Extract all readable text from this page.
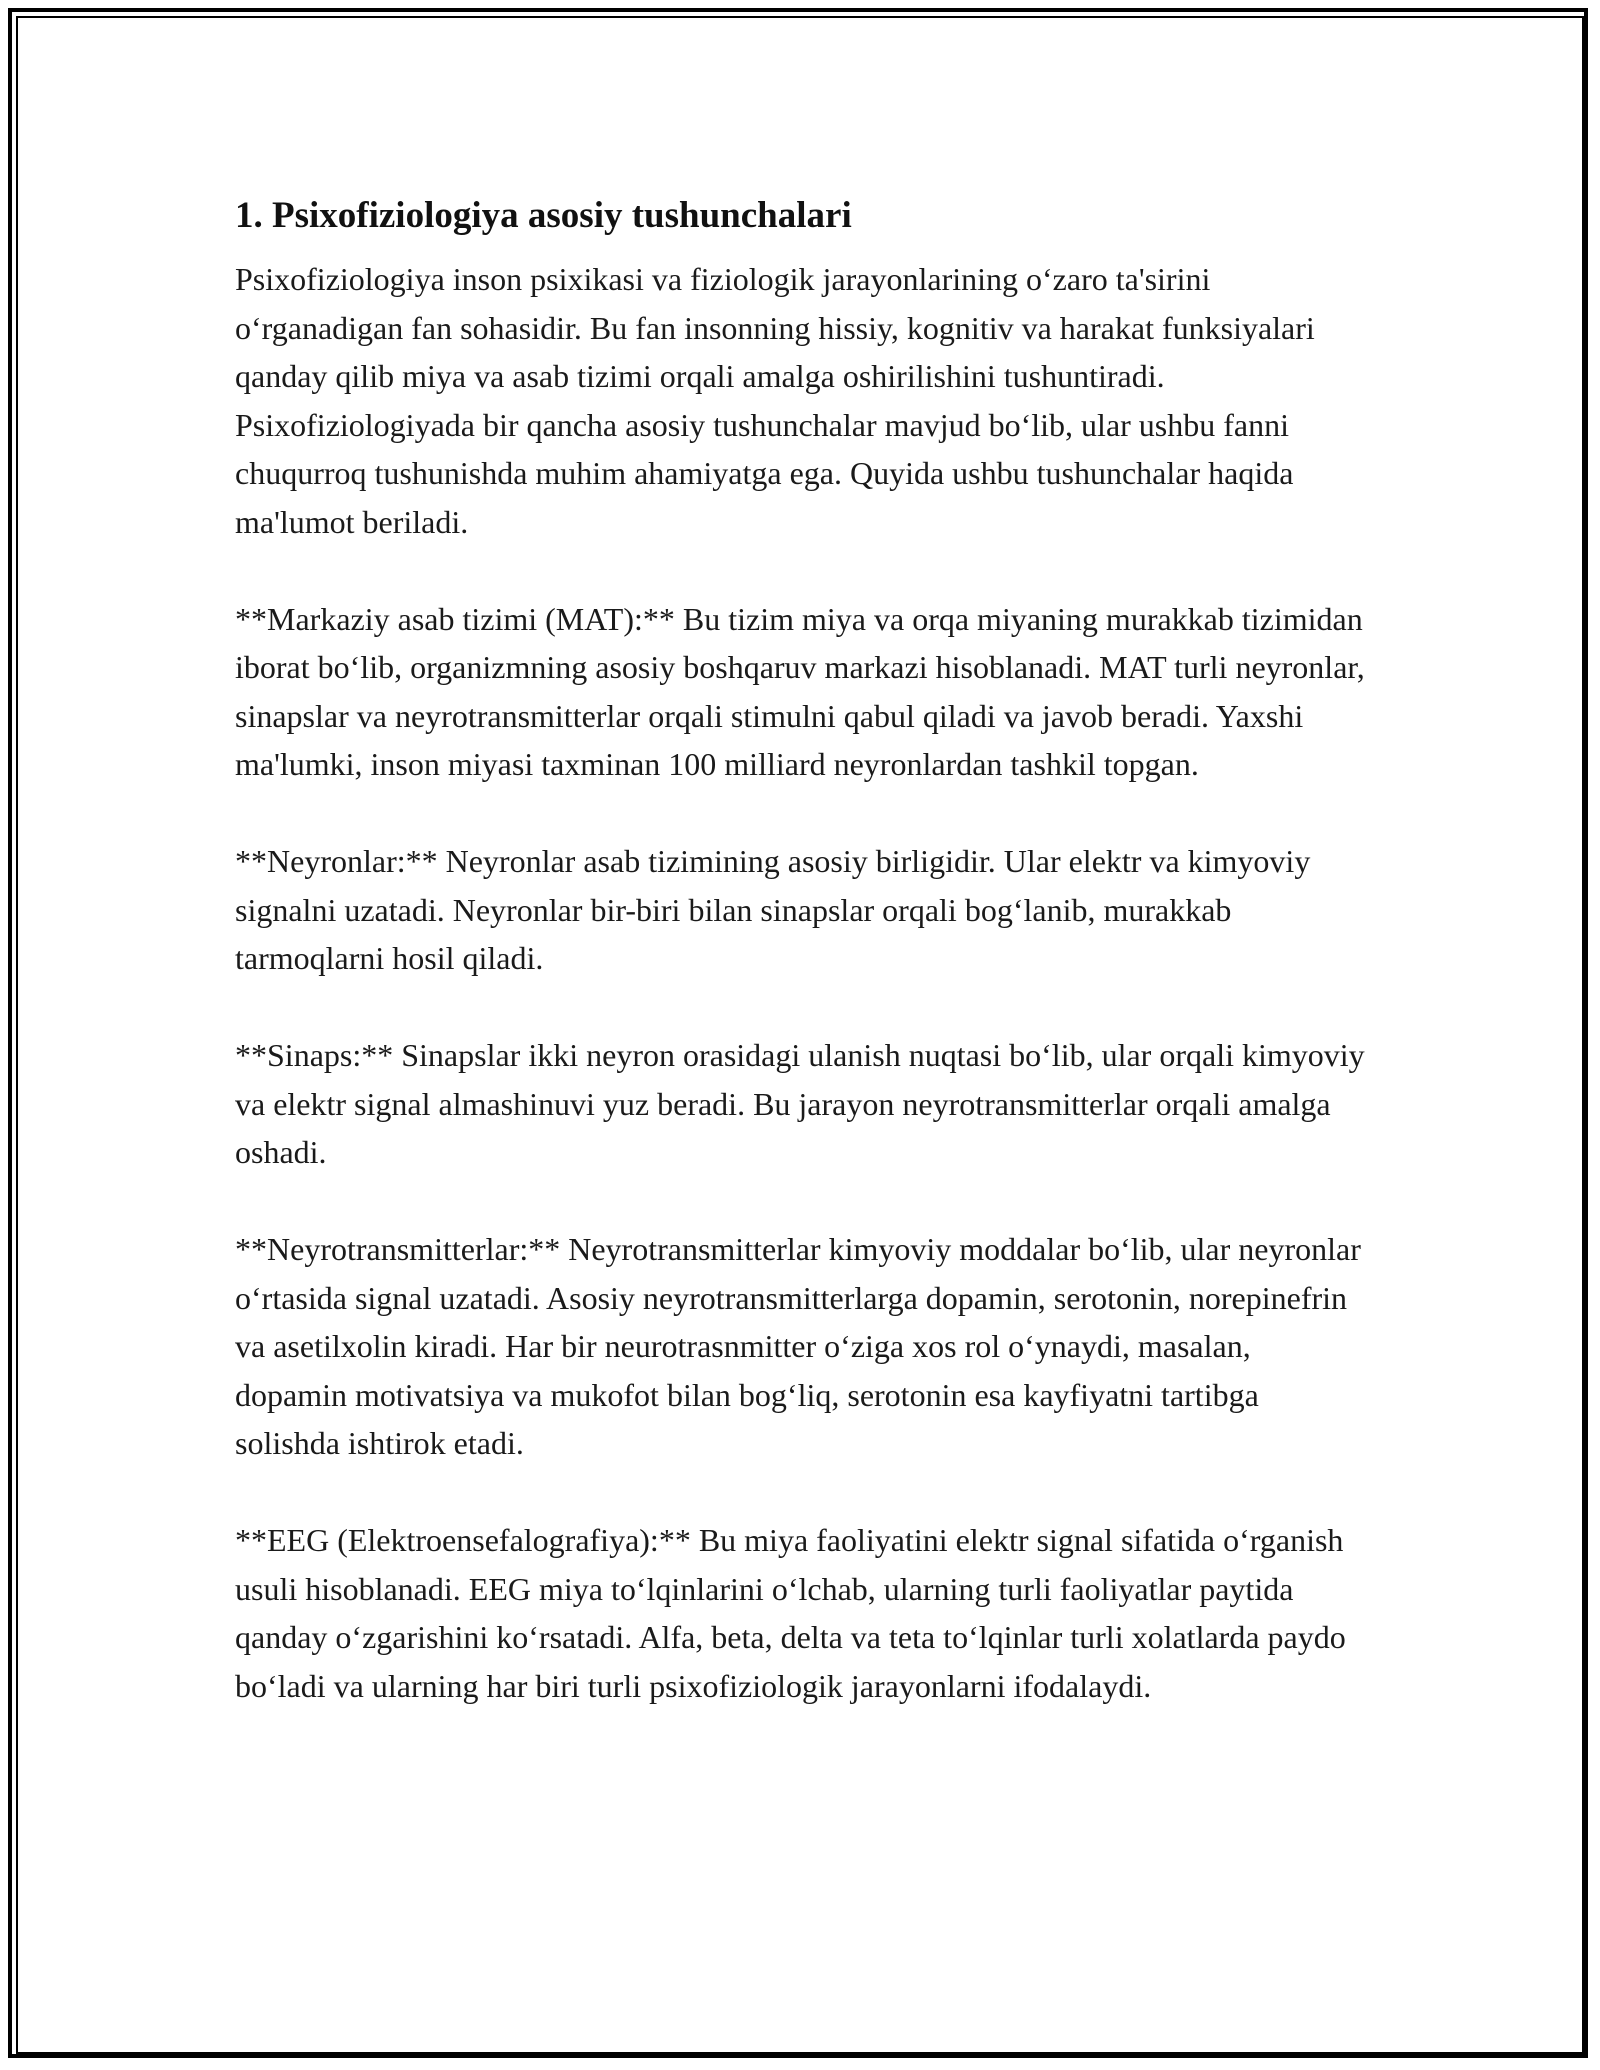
1. Psixofiziologiya asosiy tushunchalari

Psixofiziologiya inson psixikasi va fiziologik jarayonlarining o‘zaro ta'sirini o‘rganadigan fan sohasidir. Bu fan insonning hissiy, kognitiv va harakat funksiyalari qanday qilib miya va asab tizimi orqali amalga oshirilishini tushuntiradi. Psixofiziologiyada bir qancha asosiy tushunchalar mavjud bo‘lib, ular ushbu fanni chuqurroq tushunishda muhim ahamiyatga ega. Quyida ushbu tushunchalar haqida ma'lumot beriladi.

**Markaziy asab tizimi (MAT):** Bu tizim miya va orqa miyaning murakkab tizimidan iborat bo‘lib, organizmning asosiy boshqaruv markazi hisoblanadi. MAT turli neyronlar, sinapslar va neyrotransmitterlar orqali stimulni qabul qiladi va javob beradi. Yaxshi ma'lumki, inson miyasi taxminan 100 milliard neyronlardan tashkil topgan.

**Neyronlar:** Neyronlar asab tizimining asosiy birligidir. Ular elektr va kimyoviy signalni uzatadi. Neyronlar bir-biri bilan sinapslar orqali bog‘lanib, murakkab tarmoqlarni hosil qiladi.

**Sinaps:** Sinapslar ikki neyron orasidagi ulanish nuqtasi bo‘lib, ular orqali kimyoviy va elektr signal almashinuvi yuz beradi. Bu jarayon neyrotransmitterlar orqali amalga oshadi.

**Neyrotransmitterlar:** Neyrotransmitterlar kimyoviy moddalar bo‘lib, ular neyronlar o‘rtasida signal uzatadi. Asosiy neyrotransmitterlarga dopamin, serotonin, norepinefrin va asetilxolin kiradi. Har bir neurotrasnmitter o‘ziga xos rol o‘ynaydi, masalan, dopamin motivatsiya va mukofot bilan bog‘liq, serotonin esa kayfiyatni tartibga solishda ishtirok etadi.

**EEG (Elektroensefalografiya):** Bu miya faoliyatini elektr signal sifatida o‘rganish usuli hisoblanadi. EEG miya to‘lqinlarini o‘lchab, ularning turli faoliyatlar paytida qanday o‘zgarishini ko‘rsatadi. Alfa, beta, delta va teta to‘lqinlar turli xolatlarda paydo bo‘ladi va ularning har biri turli psixofiziologik jarayonlarni ifodalaydi.
